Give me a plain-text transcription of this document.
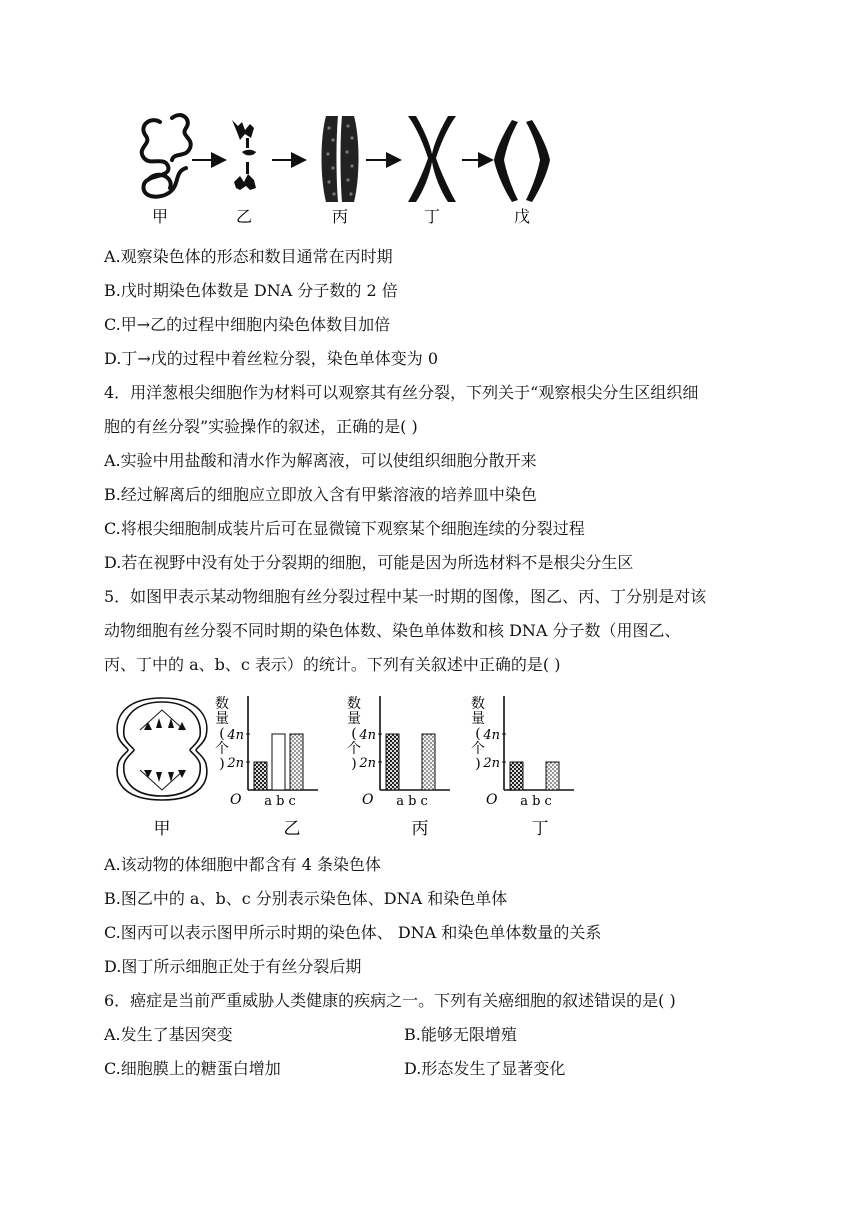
甲	乙	丙	丁	戊
A.观察染色体的形态和数目通常在丙时期
B.戊时期染色体数是 DNA 分子数的 2 倍
C.甲→乙的过程中细胞内染色体数目加倍
D.丁→戊的过程中着丝粒分裂，染色单体变为 0
4．用洋葱根尖细胞作为材料可以观察其有丝分裂，下列关于“观察根尖分生区组织细
胞的有丝分裂”实验操作的叙述，正确的是( )
A.实验中用盐酸和清水作为解离液，可以使组织细胞分散开来
B.经过解离后的细胞应立即放入含有甲紫溶液的培养皿中染色
C.将根尖细胞制成装片后可在显微镜下观察某个细胞连续的分裂过程
D.若在视野中没有处于分裂期的细胞，可能是因为所选材料不是根尖分生区
5．如图甲表示某动物细胞有丝分裂过程中某一时期的图像，图乙、丙、丁分别是对该
动物细胞有丝分裂不同时期的染色体数、染色单体数和核 DNA 分子数（用图乙、
丙、丁中的 a、b、c 表示）的统计。下列有关叙述中正确的是( )
数量(个)
4n
2n
O a b c
数量(个)
4n
2n
O a b c
数量(个)
4n
2n
O a b c
甲	乙	丙	丁
A.该动物的体细胞中都含有 4 条染色体
B.图乙中的 a、b、c 分别表示染色体、DNA 和染色单体
C.图丙可以表示图甲所示时期的染色体、 DNA 和染色单体数量的关系
D.图丁所示细胞正处于有丝分裂后期
6．癌症是当前严重威胁人类健康的疾病之一。下列有关癌细胞的叙述错误的是( )
A.发生了基因突变	B.能够无限增殖
C.细胞膜上的糖蛋白增加	D.形态发生了显著变化
